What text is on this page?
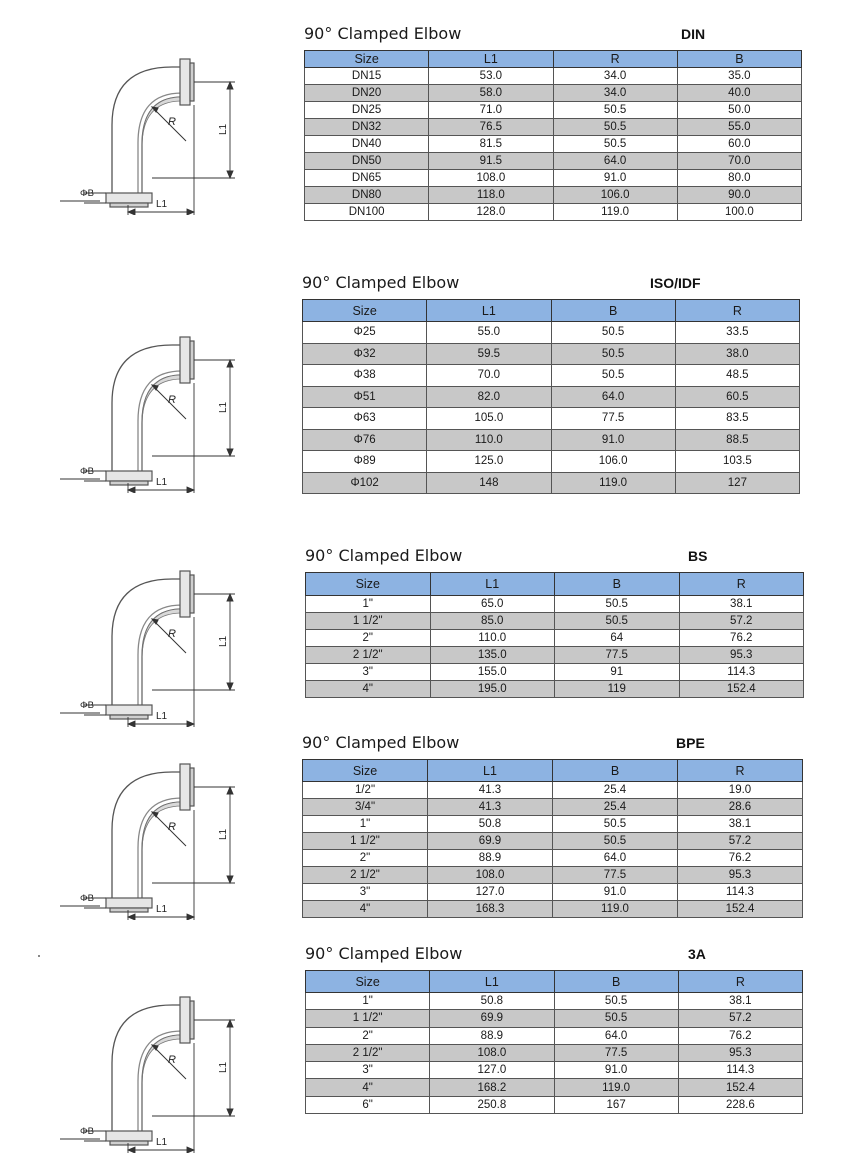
R
L1
L1
ΦB
90° Clamped Elbow	DIN
Size	L1	R	B
DN15	53.0	34.0	35.0
DN20	58.0	34.0	40.0
DN25	71.0	50.5	50.0
DN32	76.5	50.5	55.0
DN40	81.5	50.5	60.0
DN50	91.5	64.0	70.0
DN65	108.0	91.0	80.0
DN80	118.0	106.0	90.0
DN100	128.0	119.0	100.0
R
L1
L1
ΦB
90° Clamped Elbow	ISO/IDF
Size	L1	B	R
Φ25	55.0	50.5	33.5
Φ32	59.5	50.5	38.0
Φ38	70.0	50.5	48.5
Φ51	82.0	64.0	60.5
Φ63	105.0	77.5	83.5
Φ76	110.0	91.0	88.5
Φ89	125.0	106.0	103.5
Φ102	148	119.0	127
R
L1
L1
ΦB
90° Clamped Elbow	BS
Size	L1	B	R
1"	65.0	50.5	38.1
1 1/2"	85.0	50.5	57.2
2"	110.0	64	76.2
2 1/2"	135.0	77.5	95.3
3"	155.0	91	114.3
4"	195.0	119	152.4
R
L1
L1
ΦB
90° Clamped Elbow	BPE
Size	L1	B	R
1/2"	41.3	25.4	19.0
3/4"	41.3	25.4	28.6
1"	50.8	50.5	38.1
1 1/2"	69.9	50.5	57.2
2"	88.9	64.0	76.2
2 1/2"	108.0	77.5	95.3
3"	127.0	91.0	114.3
4"	168.3	119.0	152.4
R
L1
L1
ΦB
90° Clamped Elbow	3A
Size	L1	B	R
1"	50.8	50.5	38.1
1 1/2"	69.9	50.5	57.2
2"	88.9	64.0	76.2
2 1/2"	108.0	77.5	95.3
3"	127.0	91.0	114.3
4"	168.2	119.0	152.4
6"	250.8	167	228.6
